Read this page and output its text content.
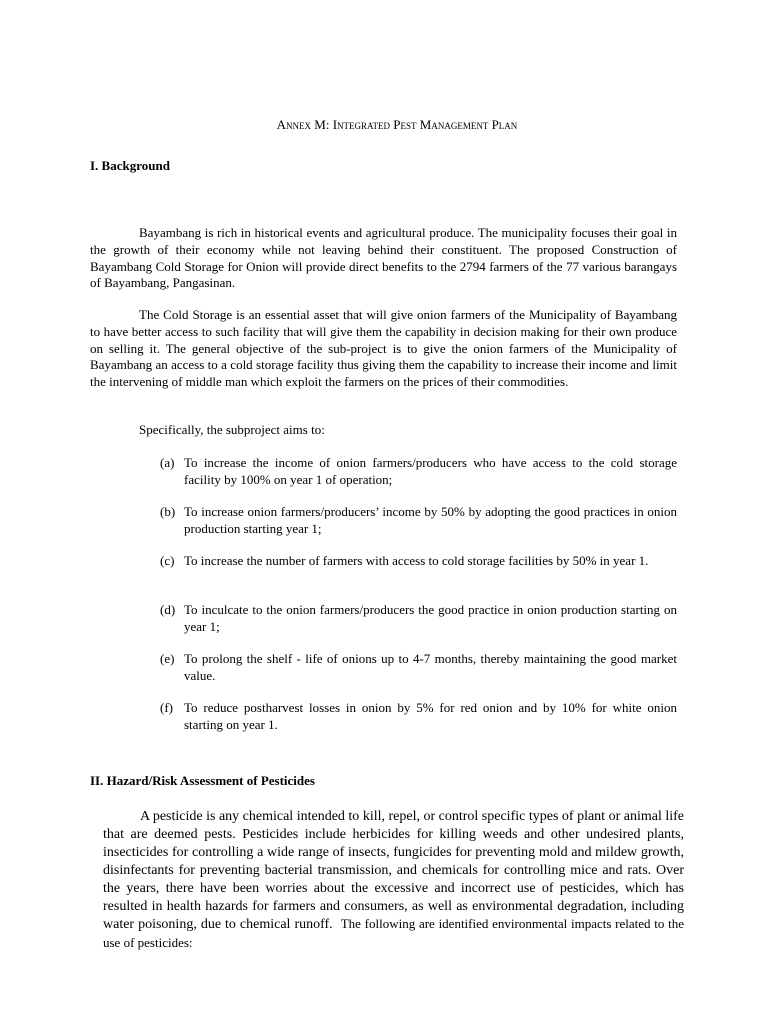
Annex M: Integrated Pest Management Plan
I. Background

Bayambang is rich in historical events and agricultural produce. The municipality focuses their goal in the growth of their economy while not leaving behind their constituent. The proposed Construction of Bayambang Cold Storage for Onion will provide direct benefits to the 2794 farmers of the 77 various barangays of Bayambang, Pangasinan.

The Cold Storage is an essential asset that will give onion farmers of the Municipality of Bayambang to have better access to such facility that will give them the capability in decision making for their own produce on selling it. The general objective of the sub-project is to give the onion farmers of the Municipality of Bayambang an access to a cold storage facility thus giving them the capability to increase their income and limit the intervening of middle man which exploit the farmers on the prices of their commodities.

Specifically, the subproject aims to:

(a) To increase the income of onion farmers/producers who have access to the cold storage facility by 100% on year 1 of operation;
(b) To increase onion farmers/producers’ income by 50% by adopting the good practices in onion production starting year 1;
(c) To increase the number of farmers with access to cold storage facilities by 50% in year 1.
(d) To inculcate to the onion farmers/producers the good practice in onion production starting on year 1;
(e) To prolong the shelf - life of onions up to 4-7 months, thereby maintaining the good market value.
(f) To reduce postharvest losses in onion by 5% for red onion and by 10% for white onion starting on year 1.
II. Hazard/Risk Assessment of Pesticides

A pesticide is any chemical intended to kill, repel, or control specific types of plant or animal life that are deemed pests. Pesticides include herbicides for killing weeds and other undesired plants, insecticides for controlling a wide range of insects, fungicides for preventing mold and mildew growth, disinfectants for preventing bacterial transmission, and chemicals for controlling mice and rats. Over the years, there have been worries about the excessive and incorrect use of pesticides, which has resulted in health hazards for farmers and consumers, as well as environmental degradation, including water poisoning, due to chemical runoff. The following are identified environmental impacts related to the use of pesticides:
